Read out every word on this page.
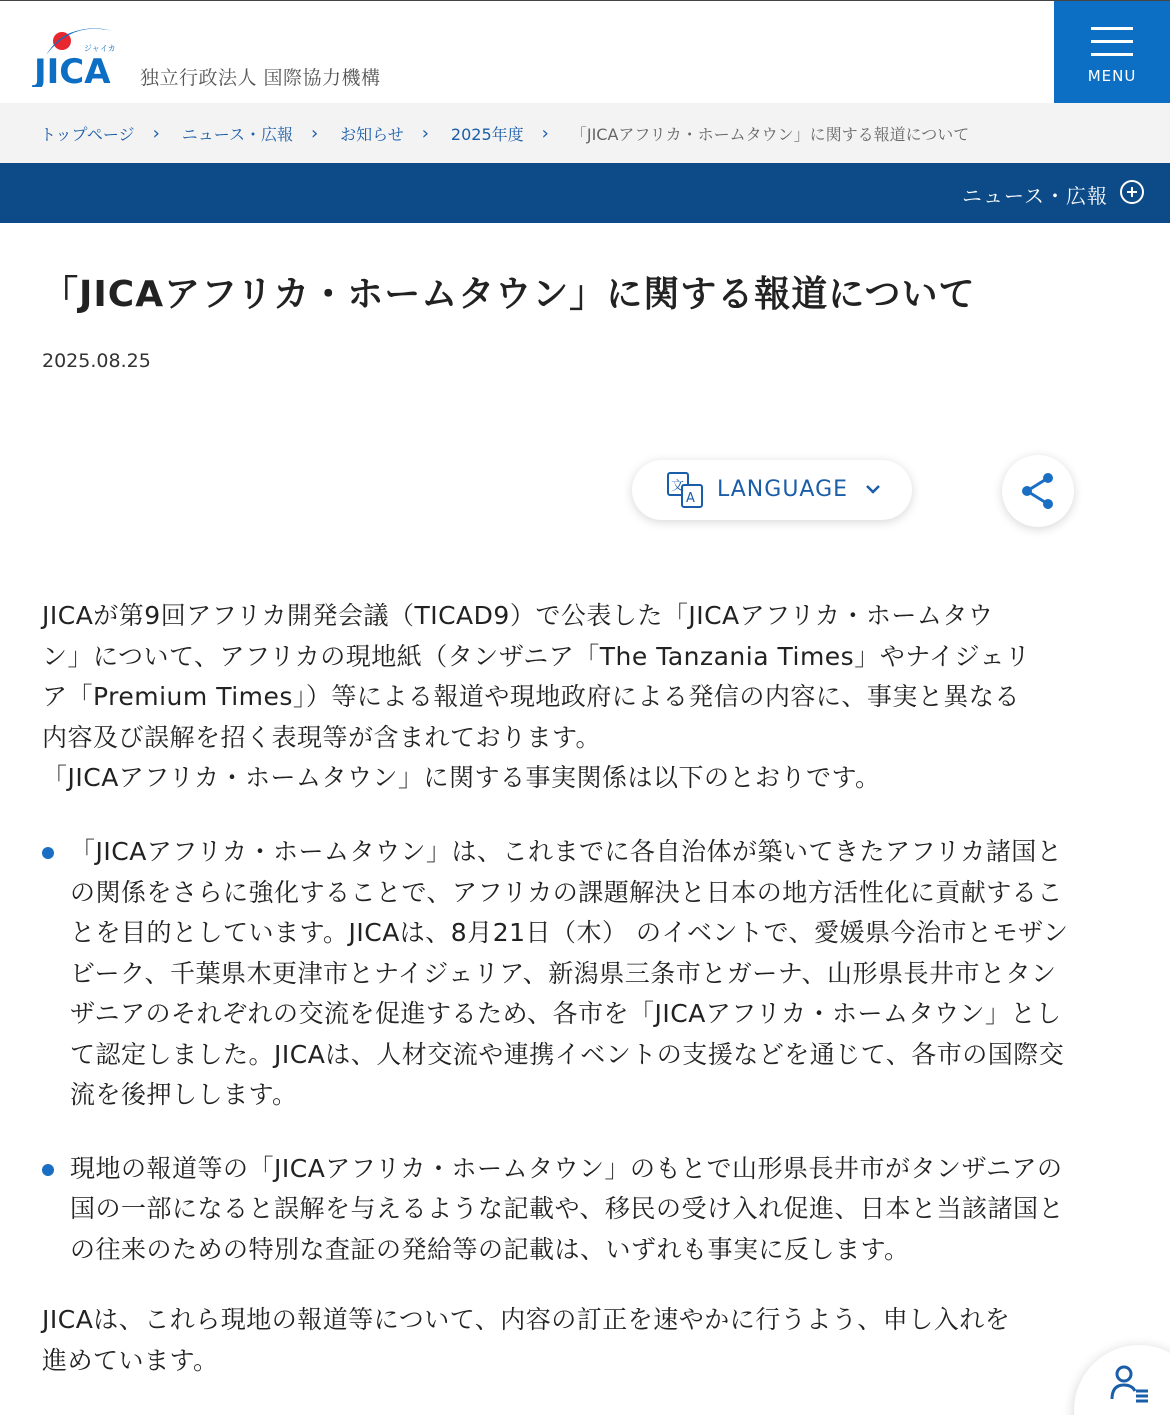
JICA
ジャイカ
独立行政法人 国際協力機構	MENU
トップページ › ニュース・広報 › お知らせ › 2025年度 › 「JICAアフリカ・ホームタウン」に関する報道について
ニュース・広報
「JICAアフリカ・ホームタウン」に関する報道について
2025.08.25
文
A LANGUAGE
JICAが第9回アフリカ開発会議（TICAD9）で公表した「JICAアフリカ・ホームタウ
ン」について、アフリカの現地紙（タンザニア「The Tanzania Times」やナイジェリ
ア「Premium Times」）等による報道や現地政府による発信の内容に、事実と異なる
内容及び誤解を招く表現等が含まれております。
「JICAアフリカ・ホームタウン」に関する事実関係は以下のとおりです。
「JICAアフリカ・ホームタウン」は、これまでに各自治体が築いてきたアフリカ諸国と
の関係をさらに強化することで、アフリカの課題解決と日本の地方活性化に貢献するこ
とを目的としています。JICAは、8月21日（木） のイベントで、愛媛県今治市とモザン
ビーク、千葉県木更津市とナイジェリア、新潟県三条市とガーナ、山形県長井市とタン
ザニアのそれぞれの交流を促進するため、各市を「JICAアフリカ・ホームタウン」とし
て認定しました。JICAは、人材交流や連携イベントの支援などを通じて、各市の国際交
流を後押しします。
現地の報道等の「JICAアフリカ・ホームタウン」のもとで山形県長井市がタンザニアの
国の一部になると誤解を与えるような記載や、移民の受け入れ促進、日本と当該諸国と
の往来のための特別な査証の発給等の記載は、いずれも事実に反します。
JICAは、これら現地の報道等について、内容の訂正を速やかに行うよう、申し入れを
進めています。
